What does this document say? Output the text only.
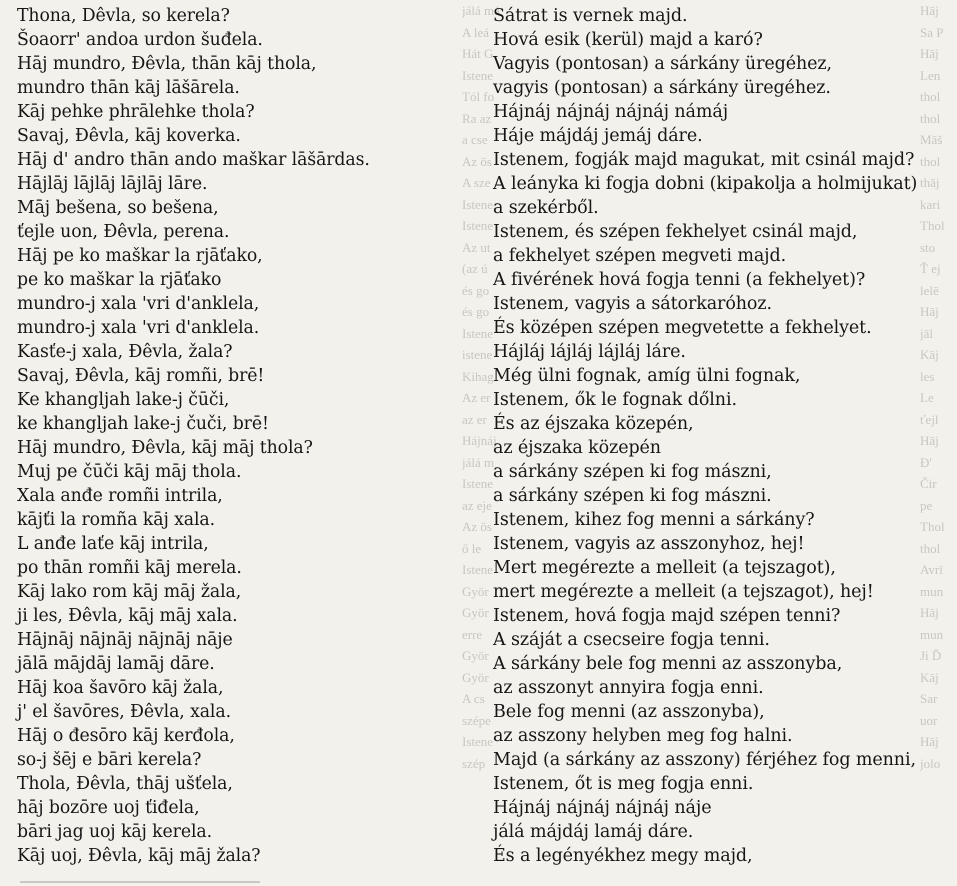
jálá má
A leá
Hát G
Istene
Tól fo
Ra az
a cse
Az ös
A sze
Istene
Istene
Az ut
(az ú
és go
és go
Istene
istene
Kihag
Az er
az er
Hájnáj
jálá m
Istene
az eje
Az ös
ő le
Istene
Györ
Györ
erre
Györ
Györ
A cs
szépe
Istene
szép
Hāj
Sa P
Hāj
Len
thol
thol
Māš
thol
thāj
kari
Thol
sto
Ť ej
lelē
Hāj
jāl
Kāj
les
Le
ťejl
Hāj
Đ'
Čir
pe
Thol
thol
Avrī
mun
Hāj
mun
Ji Ď
Kāj
Sar
uor
Hāj
jolo
Thona, Dêvla, so kerela?
Šoaorr' andoa urdon šuđela.
Hāj mundro, Đêvla, thān kāj thola,
mundro thān kāj lāšārela.
Kāj pehke phrālehke thola?
Savaj, Đêvla, kāj koverka.
Hāj d' andro thān ando maškar lāšārdas.
Hājlāj lājlāj lājlāj lāre.
Māj bešena, so bešena,
ťejle uon, Đêvla, perena.
Hāj pe ko maškar la rjāťako,
pe ko maškar la rjāťako
mundro-j xala 'vri d'anklela,
mundro-j xala 'vri d'anklela.
Kasťe-j xala, Đêvla, žala?
Savaj, Đêvla, kāj romñi, brē!
Ke khangljah lake-j čūči,
ke khangljah lake-j čuči, brē!
Hāj mundro, Đêvla, kāj māj thola?
Muj pe čūči kāj māj thola.
Xala anđe romñi intrila,
kājťi la romña kāj xala.
L anđe laťe kāj intrila,
po thān romñi kāj merela.
Kāj lako rom kāj māj žala,
ji les, Đêvla, kāj māj xala.
Hājnāj nājnāj nājnāj nāje
jālā mājdāj lamāj dāre.
Hāj koa šavōro kāj žala,
j' el šavōres, Đêvla, xala.
Hāj o đesōro kāj kerđola,
so-j šēj e bāri kerela?
Thola, Đêvla, thāj ušťela,
hāj bozōre uoj ťiđela,
bāri jag uoj kāj kerela.
Kāj uoj, Đêvla, kāj māj žala?
Sátrat is vernek majd.
Hová esik (kerül) majd a karó?
Vagyis (pontosan) a sárkány üregéhez,
vagyis (pontosan) a sárkány üregéhez.
Hájnáj nájnáj nájnáj námáj
Háje májdáj jemáj dáre.
Istenem, fogják majd magukat, mit csinál majd?
A leányka ki fogja dobni (kipakolja a holmijukat)
a szekérből.
Istenem, és szépen fekhelyet csinál majd,
a fekhelyet szépen megveti majd.
A fivérének hová fogja tenni (a fekhelyet)?
Istenem, vagyis a sátorkaróhoz.
És középen szépen megvetette a fekhelyet.
Hájláj lájláj lájláj láre.
Még ülni fognak, amíg ülni fognak,
Istenem, ők le fognak dőlni.
És az éjszaka közepén,
az éjszaka közepén
a sárkány szépen ki fog mászni,
a sárkány szépen ki fog mászni.
Istenem, kihez fog menni a sárkány?
Istenem, vagyis az asszonyhoz, hej!
Mert megérezte a melleit (a tejszagot),
mert megérezte a melleit (a tejszagot), hej!
Istenem, hová fogja majd szépen tenni?
A száját a csecseire fogja tenni.
A sárkány bele fog menni az asszonyba,
az asszonyt annyira fogja enni.
Bele fog menni (az asszonyba),
az asszony helyben meg fog halni.
Majd (a sárkány az asszony) férjéhez fog menni,
Istenem, őt is meg fogja enni.
Hájnáj nájnáj nájnáj náje
jálá májdáj lamáj dáre.
És a legényékhez megy majd,
